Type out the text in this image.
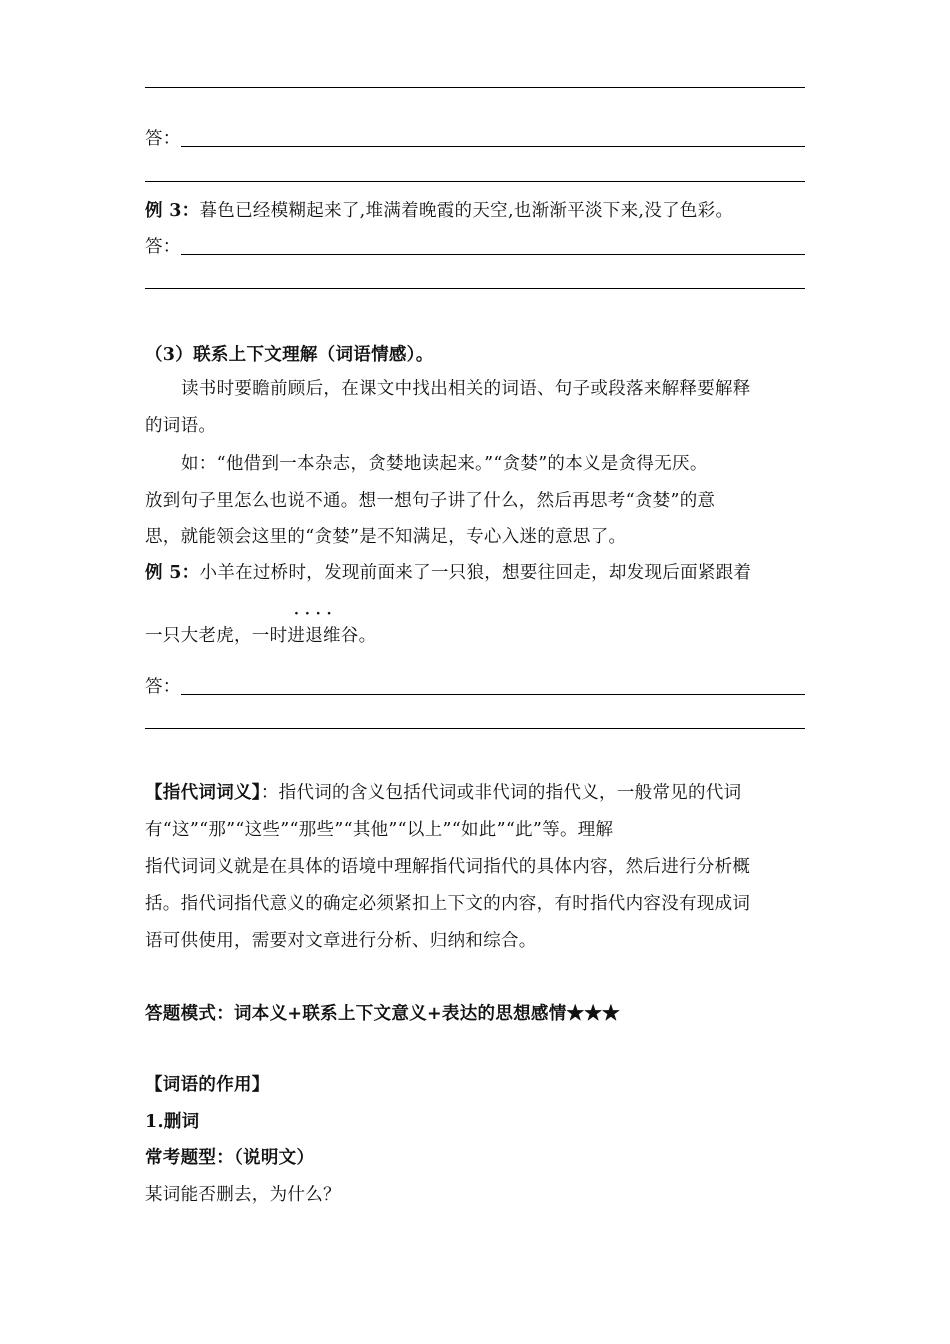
答：
例 3：暮色已经模糊起来了,堆满着晚霞的天空,也渐渐平淡下来,没了色彩。
答：
（3）联系上下文理解（词语情感）。
读书时要瞻前顾后，在课文中找出相关的词语、句子或段落来解释要解释
的词语。
如：“他借到一本杂志，贪婪地读起来。”“贪婪”的本义是贪得无厌。
放到句子里怎么也说不通。想一想句子讲了什么，然后再思考“贪婪”的意
思，就能领会这里的“贪婪”是不知满足，专心入迷的意思了。
例 5：小羊在过桥时，发现前面来了一只狼，想要往回走，却发现后面紧跟着
····
一只大老虎，一时进退维谷。
答：
【指代词词义】：指代词的含义包括代词或非代词的指代义，一般常见的代词
有“这”“那”“这些”“那些”“其他”“以上”“如此”“此”等。理解
指代词词义就是在具体的语境中理解指代词指代的具体内容，然后进行分析概
括。指代词指代意义的确定必须紧扣上下文的内容，有时指代内容没有现成词
语可供使用，需要对文章进行分析、归纳和综合。
答题模式：词本义+联系上下文意义+表达的思想感情★★★
【词语的作用】
1.删词
常考题型：（说明文）
某词能否删去，为什么？
